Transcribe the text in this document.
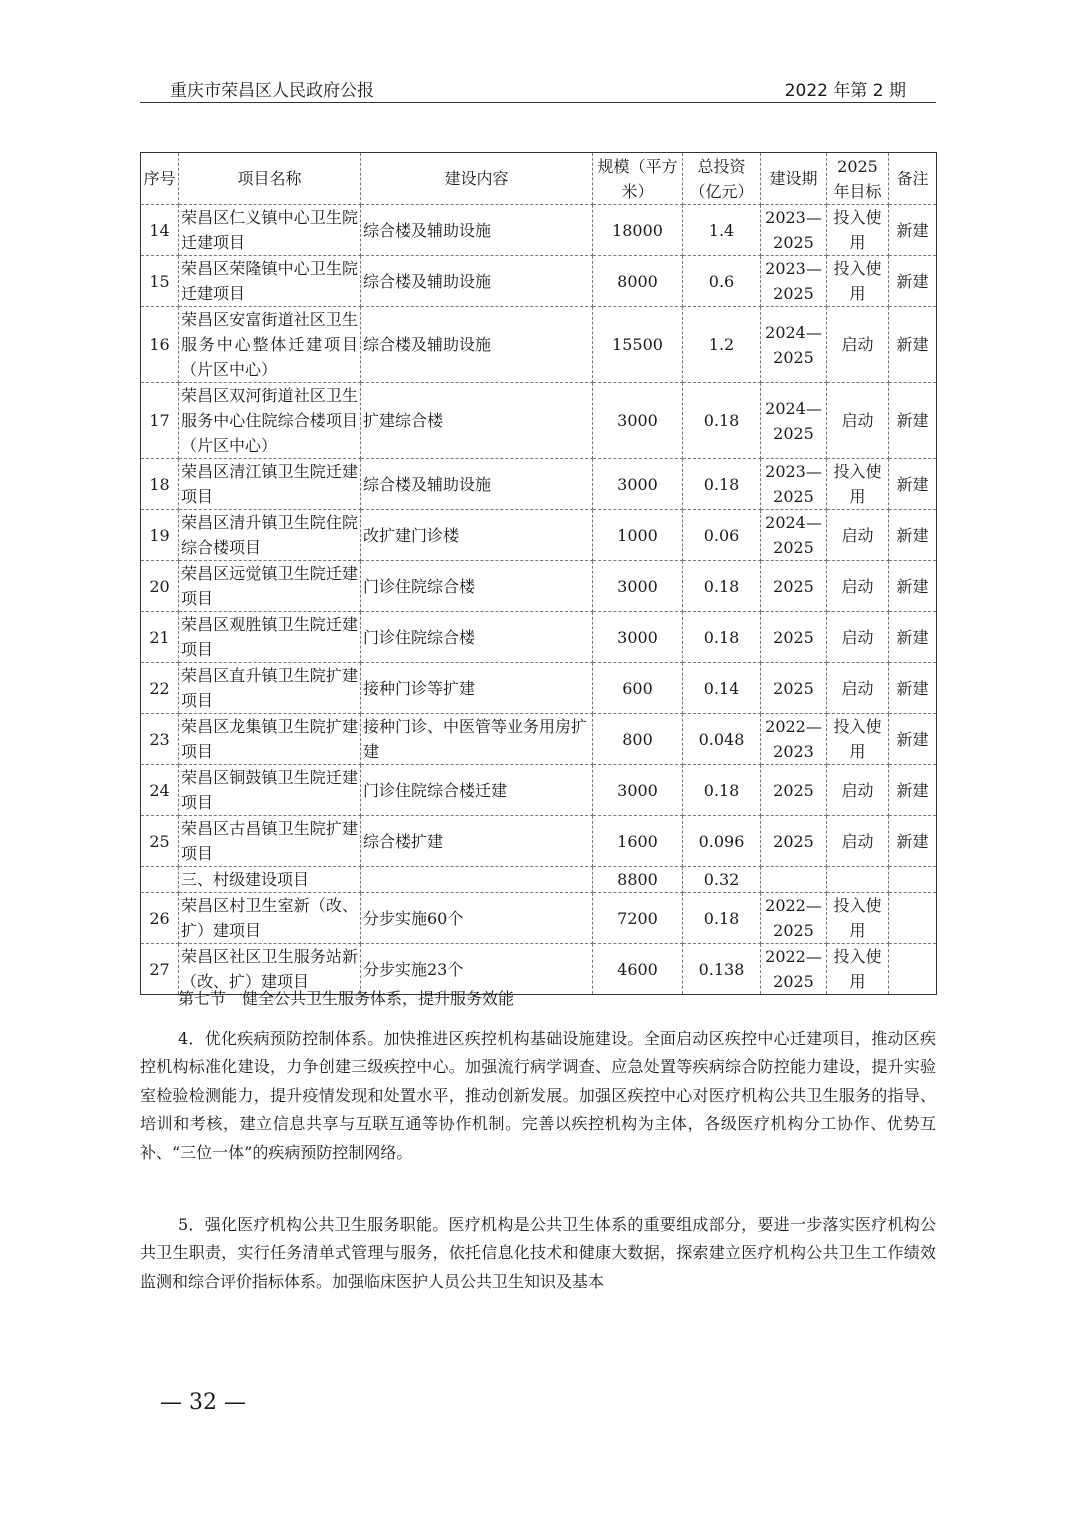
重庆市荣昌区人民政府公报	2022 年第 2 期
序号	项目名称	建设内容	规模（平方米）	总投资（亿元）	建设期	2025 年目标	备注
14	荣昌区仁义镇中心卫生院迁建项目	综合楼及辅助设施	18000	1.4	2023—2025	投入使用	新建
15	荣昌区荣隆镇中心卫生院迁建项目	综合楼及辅助设施	8000	0.6	2023—2025	投入使用	新建
16	荣昌区安富街道社区卫生服务中心整体迁建项目（片区中心）	综合楼及辅助设施	15500	1.2	2024—2025	启动	新建
17	荣昌区双河街道社区卫生服务中心住院综合楼项目（片区中心）	扩建综合楼	3000	0.18	2024—2025	启动	新建
18	荣昌区清江镇卫生院迁建项目	综合楼及辅助设施	3000	0.18	2023—2025	投入使用	新建
19	荣昌区清升镇卫生院住院综合楼项目	改扩建门诊楼	1000	0.06	2024—2025	启动	新建
20	荣昌区远觉镇卫生院迁建项目	门诊住院综合楼	3000	0.18	2025	启动	新建
21	荣昌区观胜镇卫生院迁建项目	门诊住院综合楼	3000	0.18	2025	启动	新建
22	荣昌区直升镇卫生院扩建项目	接种门诊等扩建	600	0.14	2025	启动	新建
23	荣昌区龙集镇卫生院扩建项目	接种门诊、中医管等业务用房扩建	800	0.048	2022—2023	投入使用	新建
24	荣昌区铜鼓镇卫生院迁建项目	门诊住院综合楼迁建	3000	0.18	2025	启动	新建
25	荣昌区古昌镇卫生院扩建项目	综合楼扩建	1600	0.096	2025	启动	新建
	三、村级建设项目		8800	0.32			
26	荣昌区村卫生室新（改、扩）建项目	分步实施60个	7200	0.18	2022—2025	投入使用	
27	荣昌区社区卫生服务站新（改、扩）建项目	分步实施23个	4600	0.138	2022—2025	投入使用	
第七节　健全公共卫生服务体系，提升服务效能

4．优化疾病预防控制体系。加快推进区疾控机构基础设施建设。全面启动区疾控中心迁建项目，推动区疾控机构标准化建设，力争创建三级疾控中心。加强流行病学调查、应急处置等疾病综合防控能力建设，提升实验室检验检测能力，提升疫情发现和处置水平，推动创新发展。加强区疾控中心对医疗机构公共卫生服务的指导、培训和考核，建立信息共享与互联互通等协作机制。完善以疾控机构为主体，各级医疗机构分工协作、优势互补、“三位一体”的疾病预防控制网络。

5．强化医疗机构公共卫生服务职能。医疗机构是公共卫生体系的重要组成部分，要进一步落实医疗机构公共卫生职责，实行任务清单式管理与服务，依托信息化技术和健康大数据，探索建立医疗机构公共卫生工作绩效监测和综合评价指标体系。加强临床医护人员公共卫生知识及基本

— 32 —
